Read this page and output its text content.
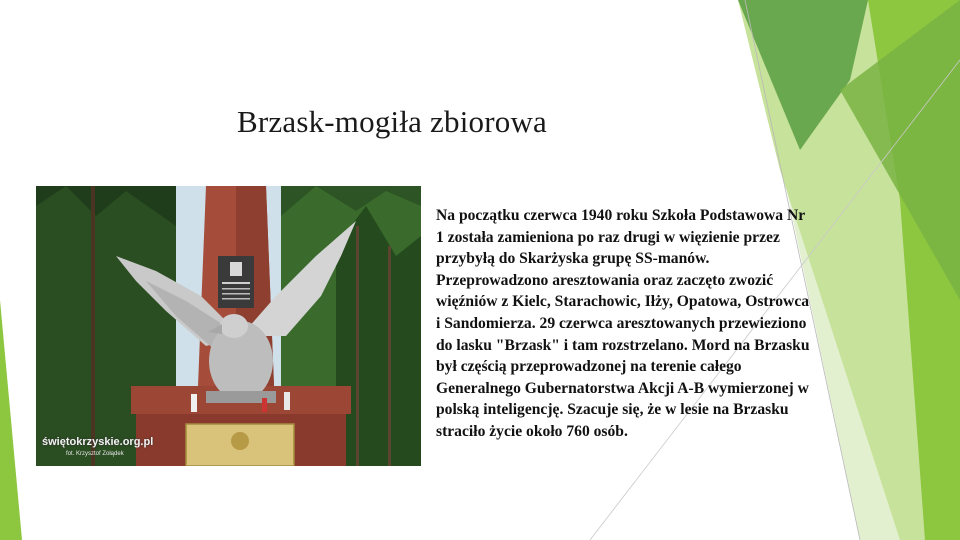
Brzask-mogiła zbiorowa
świętokrzyskie.org.pl
fot. Krzysztof Zołądek
Na początku czerwca 1940 roku Szkoła Podstawowa Nr 1 została zamieniona po raz drugi w więzienie przez przybyłą do Skarżyska grupę SS-manów. Przeprowadzono aresztowania oraz zaczęto zwozić więźniów z Kielc, Starachowic, Iłży, Opatowa, Ostrowca i Sandomierza. 29 czerwca aresztowanych przewieziono do lasku "Brzask" i tam rozstrzelano. Mord na Brzasku był częścią przeprowadzonej na terenie całego Generalnego Gubernatorstwa Akcji A-B wymierzonej w polską inteligencję. Szacuje się, że w lesie na Brzasku straciło życie około 760 osób.
